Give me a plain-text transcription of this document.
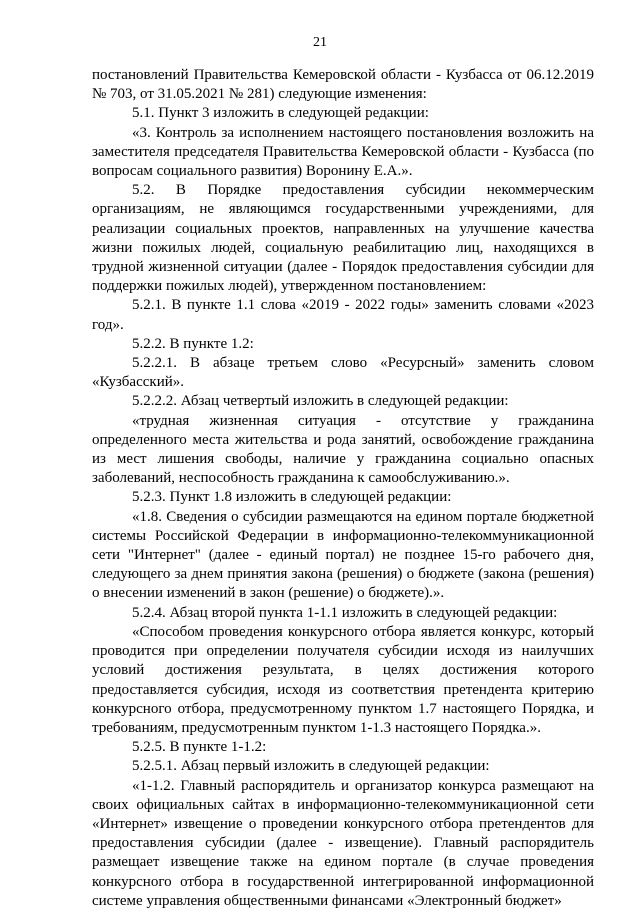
21

постановлений Правительства Кемеровской области - Кузбасса от 06.12.2019 № 703, от 31.05.2021 № 281) следующие изменения:

5.1. Пункт 3 изложить в следующей редакции:

«3. Контроль за исполнением настоящего постановления возложить на заместителя председателя Правительства Кемеровской области - Кузбасса (по вопросам социального развития) Воронину Е.А.».

5.2. В Порядке предоставления субсидии некоммерческим организациям, не являющимся государственными учреждениями, для реализации социальных проектов, направленных на улучшение качества жизни пожилых людей, социальную реабилитацию лиц, находящихся в трудной жизненной ситуации (далее - Порядок предоставления субсидии для поддержки пожилых людей), утвержденном постановлением:

5.2.1. В пункте 1.1 слова «2019 - 2022 годы» заменить словами «2023 год».

5.2.2. В пункте 1.2:

5.2.2.1. В абзаце третьем слово «Ресурсный» заменить словом «Кузбасский».

5.2.2.2. Абзац четвертый изложить в следующей редакции:

«трудная жизненная ситуация - отсутствие у гражданина определенного места жительства и рода занятий, освобождение гражданина из мест лишения свободы, наличие у гражданина социально опасных заболеваний, неспособность гражданина к самообслуживанию.».

5.2.3. Пункт 1.8 изложить в следующей редакции:

«1.8. Сведения о субсидии размещаются на едином портале бюджетной системы Российской Федерации в информационно-телекоммуникационной сети "Интернет" (далее - единый портал) не позднее 15-го рабочего дня, следующего за днем принятия закона (решения) о бюджете (закона (решения) о внесении изменений в закон (решение) о бюджете).».

5.2.4. Абзац второй пункта 1-1.1 изложить в следующей редакции:

«Способом проведения конкурсного отбора является конкурс, который проводится при определении получателя субсидии исходя из наилучших условий достижения результата, в целях достижения которого предоставляется субсидия, исходя из соответствия претендента критерию конкурсного отбора, предусмотренному пунктом 1.7 настоящего Порядка, и требованиям, предусмотренным пунктом 1-1.3 настоящего Порядка.».

5.2.5. В пункте 1-1.2:

5.2.5.1. Абзац первый изложить в следующей редакции:

«1-1.2. Главный распорядитель и организатор конкурса размещают на своих официальных сайтах в информационно-телекоммуникационной сети «Интернет» извещение о проведении конкурсного отбора претендентов для предоставления субсидии (далее - извещение). Главный распорядитель размещает извещение также на едином портале (в случае проведения конкурсного отбора в государственной интегрированной информационной системе управления общественными финансами «Электронный бюджет»
